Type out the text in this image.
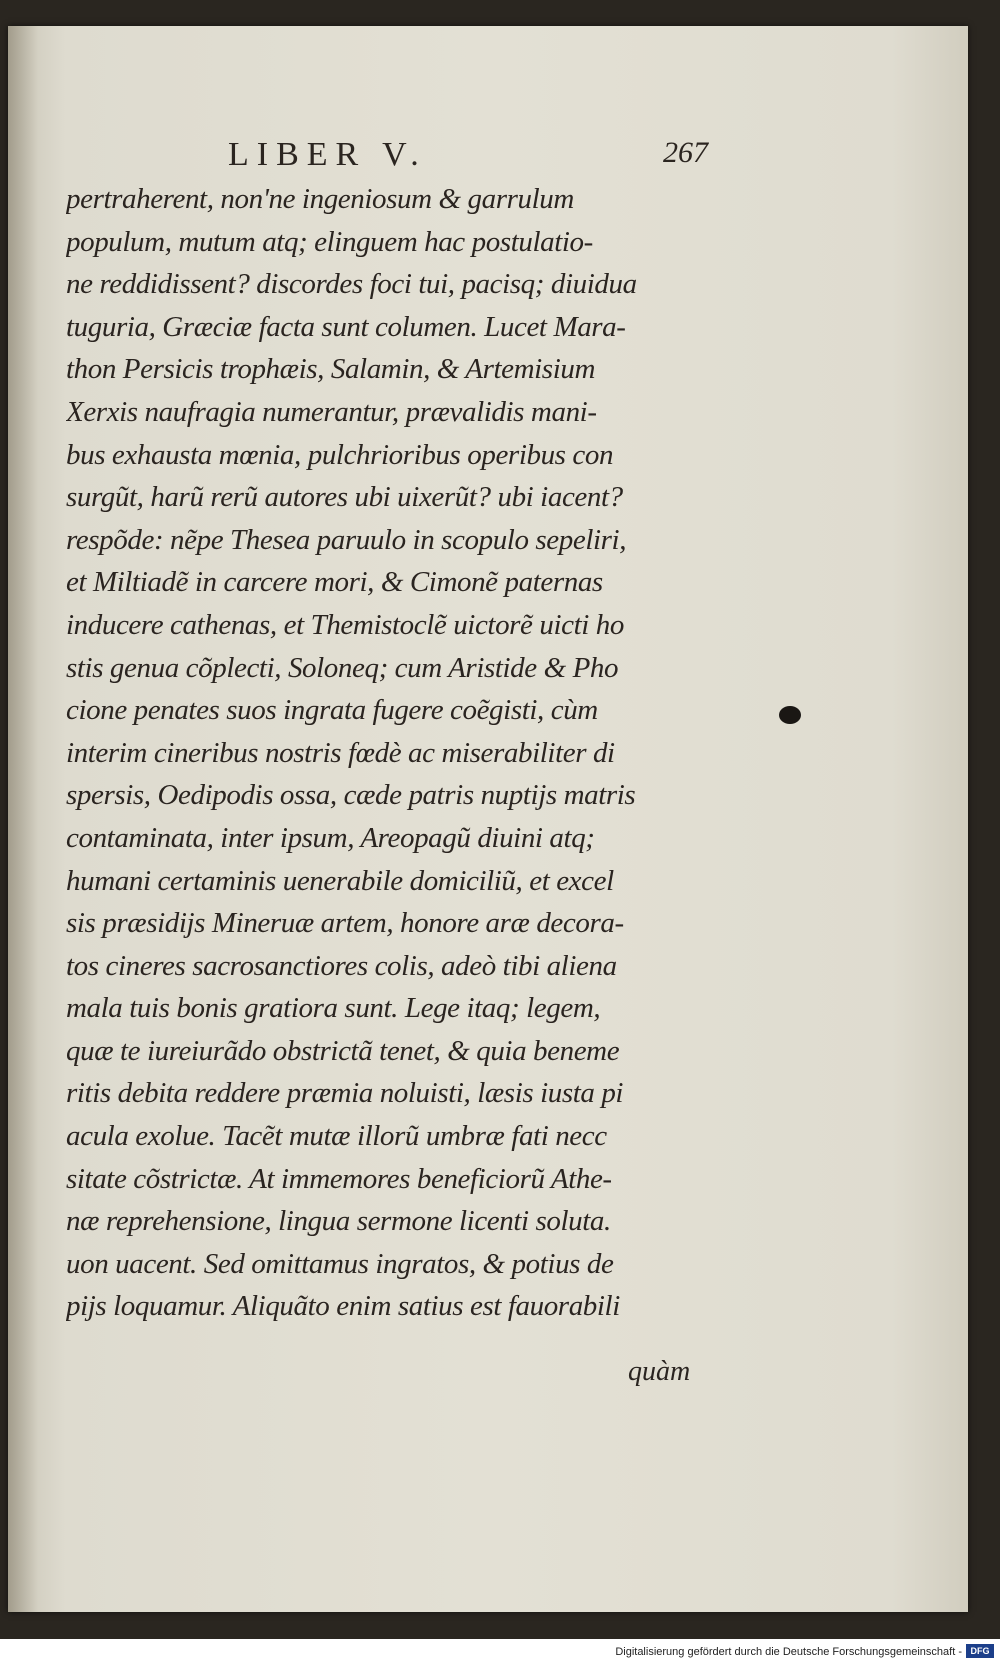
LIBER V.	267
pertraherent, non'ne ingeniosum & garrulum
populum, mutum atq; elinguem hac postulatio-
ne reddidissent? discordes foci tui, pacisq; diuidua
tuguria, Græciæ facta sunt columen. Lucet Mara-
thon Persicis trophæis, Salamin, & Artemisium
Xerxis naufragia numerantur, prævalidis mani-
bus exhausta mœnia, pulchrioribus operibus con
surgũt, harũ rerũ autores ubi uixerũt? ubi iacent?
respõde: nẽpe Thesea paruulo in scopulo sepeliri,
et Miltiadẽ in carcere mori, & Cimonẽ paternas
inducere cathenas, et Themistoclẽ uictorẽ uicti ho
stis genua cõplecti, Soloneq; cum Aristide & Pho
cione penates suos ingrata fugere coẽgisti, cùm
interim cineribus nostris fœdè ac miserabiliter di
spersis, Oedipodis ossa, cæde patris nuptijs matris
contaminata, inter ipsum, Areopagũ diuini atq;
humani certaminis uenerabile domiciliũ, et excel
sis præsidijs Mineruæ artem, honore aræ decora-
tos cineres sacrosanctiores colis, adeò tibi aliena
mala tuis bonis gratiora sunt. Lege itaq; legem,
quæ te iureiurãdo obstrictã tenet, & quia beneme
ritis debita reddere præmia noluisti, læsis iusta pi
acula exolue. Tacẽt mutæ illorũ umbræ fati necc
sitate cõstrictæ. At immemores beneficiorũ Athe-
næ reprehensione, lingua sermone licenti soluta.
uon uacent. Sed omittamus ingratos, & potius de
pijs loquamur. Aliquãto enim satius est fauorabili
quàm
Digitalisierung gefördert durch die Deutsche Forschungsgemeinschaft - DFG
